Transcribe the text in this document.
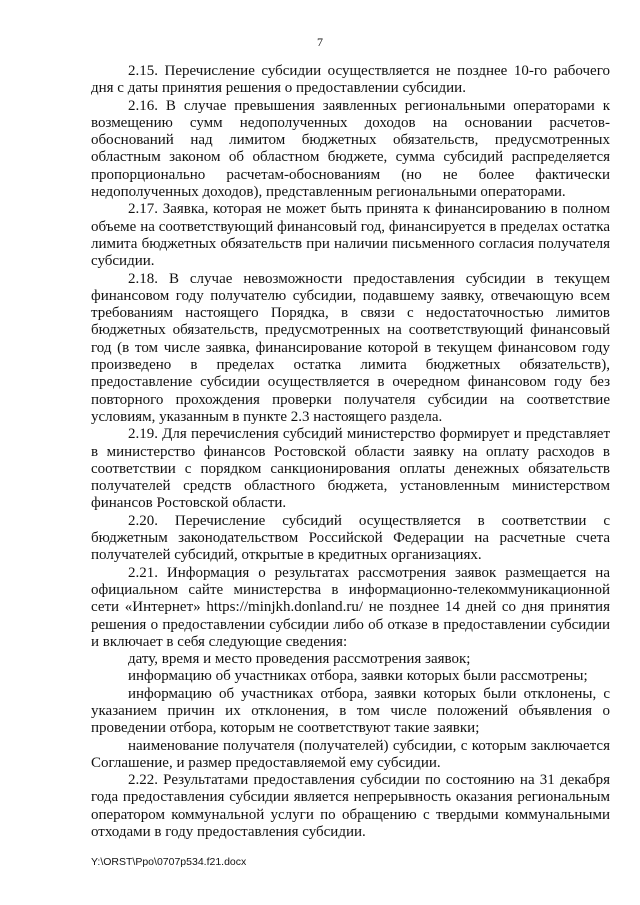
7

2.15. Перечисление субсидии осуществляется не позднее 10-го рабочего дня с даты принятия решения о предоставлении субсидии.

2.16. В случае превышения заявленных региональными операторами к возмещению сумм недополученных доходов на основании расчетов-обоснований над лимитом бюджетных обязательств, предусмотренных областным законом об областном бюджете, сумма субсидий распределяется пропорционально расчетам-обоснованиям (но не более фактически недополученных доходов), представленным региональными операторами.

2.17. Заявка, которая не может быть принята к финансированию в полном объеме на соответствующий финансовый год, финансируется в пределах остатка лимита бюджетных обязательств при наличии письменного согласия получателя субсидии.

2.18. В случае невозможности предоставления субсидии в текущем финансовом году получателю субсидии, подавшему заявку, отвечающую всем требованиям настоящего Порядка, в связи с недостаточностью лимитов бюджетных обязательств, предусмотренных на соответствующий финансовый год (в том числе заявка, финансирование которой в текущем финансовом году произведено в пределах остатка лимита бюджетных обязательств), предоставление субсидии осуществляется в очередном финансовом году без повторного прохождения проверки получателя субсидии на соответствие условиям, указанным в пункте 2.3 настоящего раздела.

2.19. Для перечисления субсидий министерство формирует и представляет в министерство финансов Ростовской области заявку на оплату расходов в соответствии с порядком санкционирования оплаты денежных обязательств получателей средств областного бюджета, установленным министерством финансов Ростовской области.

2.20. Перечисление субсидий осуществляется в соответствии с бюджетным законодательством Российской Федерации на расчетные счета получателей субсидий, открытые в кредитных организациях.

2.21. Информация о результатах рассмотрения заявок размещается на официальном сайте министерства в информационно-телекоммуникационной сети «Интернет» https://minjkh.donland.ru/ не позднее 14 дней со дня принятия решения о предоставлении субсидии либо об отказе в предоставлении субсидии и включает в себя следующие сведения:

дату, время и место проведения рассмотрения заявок;

информацию об участниках отбора, заявки которых были рассмотрены;

информацию об участниках отбора, заявки которых были отклонены, с указанием причин их отклонения, в том числе положений объявления о проведении отбора, которым не соответствуют такие заявки;

наименование получателя (получателей) субсидии, с которым заключается Соглашение, и размер предоставляемой ему субсидии.

2.22. Результатами предоставления субсидии по состоянию на 31 декабря года предоставления субсидии является непрерывность оказания региональным оператором коммунальной услуги по обращению с твердыми коммунальными отходами в году предоставления субсидии.

Y:\ORST\Ppo\0707p534.f21.docx
